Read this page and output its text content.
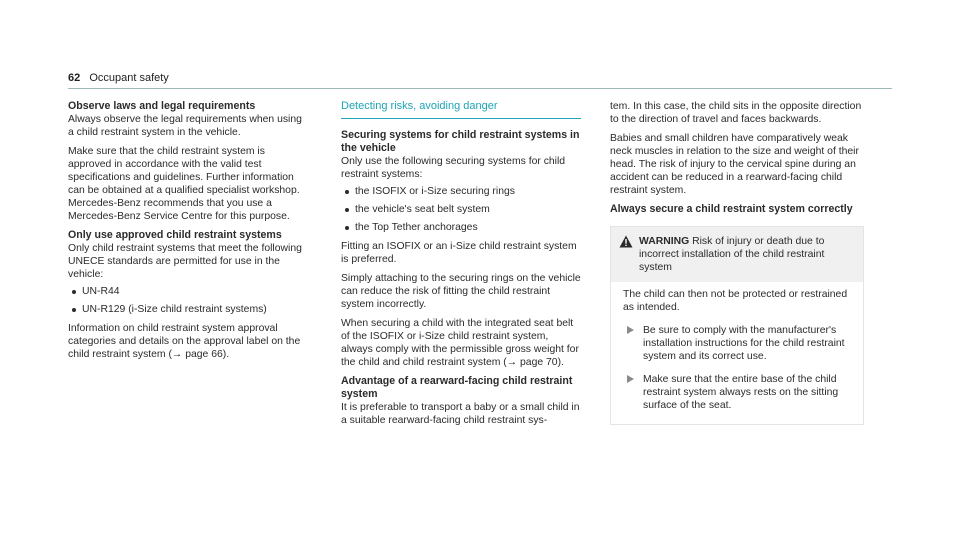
62 Occupant safety
Observe laws and legal requirements

Always observe the legal requirements when using a child restraint system in the vehicle.

Make sure that the child restraint system is approved in accordance with the valid test specifications and guidelines. Further information can be obtained at a qualified specialist workshop. Mercedes-Benz recommends that you use a Mercedes-Benz Service Centre for this purpose.

Only use approved child restraint systems

Only child restraint systems that meet the following UNECE standards are permitted for use in the vehicle:

UN-R44
UN-R129 (i-Size child restraint systems)

Information on child restraint system approval categories and details on the approval label on the child restraint system (→ page 66).

Detecting risks, avoiding danger
Securing systems for child restraint systems in the vehicle

Only use the following securing systems for child restraint systems:

the ISOFIX or i-Size securing rings
the vehicle's seat belt system
the Top Tether anchorages

Fitting an ISOFIX or an i-Size child restraint system is preferred.

Simply attaching to the securing rings on the vehicle can reduce the risk of fitting the child restraint system incorrectly.

When securing a child with the integrated seat belt of the ISOFIX or i-Size child restraint system, always comply with the permissible gross weight for the child and child restraint system (→ page 70).

Advantage of a rearward-facing child restraint system

It is preferable to transport a baby or a small child in a suitable rearward-facing child restraint sys-

tem. In this case, the child sits in the opposite direction to the direction of travel and faces backwards.

Babies and small children have comparatively weak neck muscles in relation to the size and weight of their head. The risk of injury to the cervical spine during an accident can be reduced in a rearward-facing child restraint system.

Always secure a child restraint system correctly
WARNING Risk of injury or death due to incorrect installation of the child restraint system

The child can then not be protected or restrained as intended.

Be sure to comply with the manufacturer's installation instructions for the child restraint system and its correct use.
Make sure that the entire base of the child restraint system always rests on the sitting surface of the seat.
